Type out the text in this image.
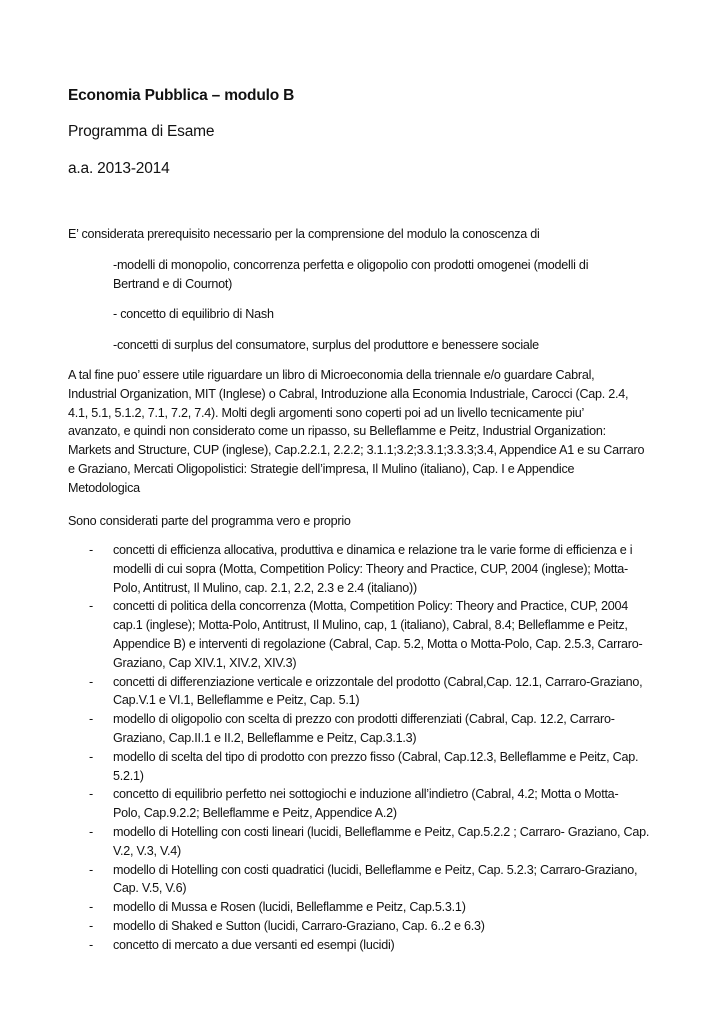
Economia Pubblica – modulo B
Programma di Esame
a.a. 2013-2014
E’ considerata prerequisito necessario per la comprensione del modulo la conoscenza di
-modelli di monopolio, concorrenza perfetta e oligopolio con prodotti omogenei (modelli di
Bertrand e di Cournot)
- concetto di equilibrio di Nash
-concetti di surplus del consumatore, surplus del produttore e benessere sociale
A tal fine puo’ essere utile riguardare un libro di Microeconomia della triennale e/o guardare Cabral,
Industrial Organization, MIT (Inglese) o Cabral, Introduzione alla Economia Industriale, Carocci (Cap. 2.4,
4.1, 5.1, 5.1.2, 7.1, 7.2, 7.4). Molti degli argomenti sono coperti poi ad un livello tecnicamente piu’
avanzato, e quindi non considerato come un ripasso, su Belleflamme e Peitz, Industrial Organization:
Markets and Structure, CUP (inglese), Cap.2.2.1, 2.2.2; 3.1.1;3.2;3.3.1;3.3.3;3.4, Appendice A1 e su Carraro
e Graziano, Mercati Oligopolistici: Strategie dell’impresa, Il Mulino (italiano), Cap. I e Appendice
Metodologica
Sono considerati parte del programma vero e proprio
- concetti di efficienza allocativa, produttiva e dinamica e relazione tra le varie forme di efficienza e i
modelli di cui sopra (Motta, Competition Policy: Theory and Practice, CUP, 2004 (inglese); Motta-
Polo, Antitrust, Il Mulino, cap. 2.1, 2.2, 2.3 e 2.4 (italiano))
- concetti di politica della concorrenza (Motta, Competition Policy: Theory and Practice, CUP, 2004
cap.1 (inglese); Motta-Polo, Antitrust, Il Mulino, cap, 1 (italiano), Cabral, 8.4; Belleflamme e Peitz,
Appendice B) e interventi di regolazione (Cabral, Cap. 5.2, Motta o Motta-Polo, Cap. 2.5.3, Carraro-
Graziano, Cap XIV.1, XIV.2, XIV.3)
- concetti di differenziazione verticale e orizzontale del prodotto (Cabral,Cap. 12.1, Carraro-Graziano,
Cap.V.1 e VI.1, Belleflamme e Peitz, Cap. 5.1)
- modello di oligopolio con scelta di prezzo con prodotti differenziati (Cabral, Cap. 12.2, Carraro-
Graziano, Cap.II.1 e II.2, Belleflamme e Peitz, Cap.3.1.3)
- modello di scelta del tipo di prodotto con prezzo fisso (Cabral, Cap.12.3, Belleflamme e Peitz, Cap.
5.2.1)
- concetto di equilibrio perfetto nei sottogiochi e induzione all’indietro (Cabral, 4.2; Motta o Motta-
Polo, Cap.9.2.2; Belleflamme e Peitz, Appendice A.2)
- modello di Hotelling con costi lineari (lucidi, Belleflamme e Peitz, Cap.5.2.2 ; Carraro- Graziano, Cap.
V.2, V.3, V.4)
- modello di Hotelling con costi quadratici (lucidi, Belleflamme e Peitz, Cap. 5.2.3; Carraro-Graziano,
Cap. V.5, V.6)
- modello di Mussa e Rosen (lucidi, Belleflamme e Peitz, Cap.5.3.1)
- modello di Shaked e Sutton (lucidi, Carraro-Graziano, Cap. 6..2 e 6.3)
- concetto di mercato a due versanti ed esempi (lucidi)
